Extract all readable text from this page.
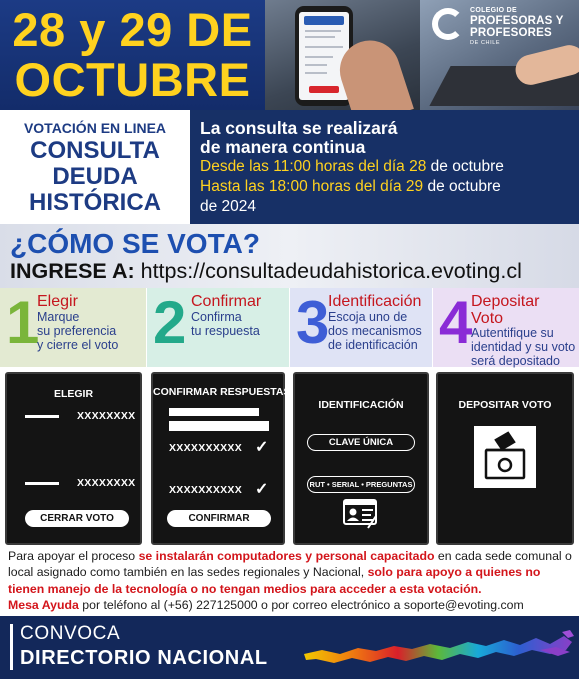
28 y 29 DE
OCTUBRE
COLEGIO DE
PROFESORAS Y
PROFESORES
DE CHILE
VOTACIÓN EN LINEA
CONSULTA
DEUDA
HISTÓRICA
La consulta se realizará
de manera continua
Desde las 11:00 horas del día 28 de octubre
Hasta las 18:00 horas del día 29 de octubre
de 2024
¿CÓMO SE VOTA?
INGRESE A: https://consultadeudahistorica.evoting.cl
1
Elegir
Marque
su preferencia
y cierre el voto 2 Confirmar
Confirma
tu respuesta 3
Identificación
Escoja uno de
dos mecanismos
de identificación 4
Depositar
Voto
Autentifique su
identidad y su voto
será depositado
ELEGIR
XXXXXXXX
XXXXXXXX
CERRAR VOTO
CONFIRMAR RESPUESTAS
XXXXXXXXXX ✓
XXXXXXXXXX ✓
CONFIRMAR
IDENTIFICACIÓN
CLAVE ÚNICA
RUT • SERIAL • PREGUNTAS
DEPOSITAR VOTO
Para apoyar el proceso se instalarán computadores y personal capacitado en cada sede comunal o local asignado como también en las sedes regionales y Nacional, solo para apoyo a quienes no tienen manejo de la tecnología o no tengan medios para acceder a esta votación.
Mesa Ayuda por teléfono al (+56) 227125000 o por correo electrónico a soporte@evoting.com
CONVOCA
DIRECTORIO NACIONAL
